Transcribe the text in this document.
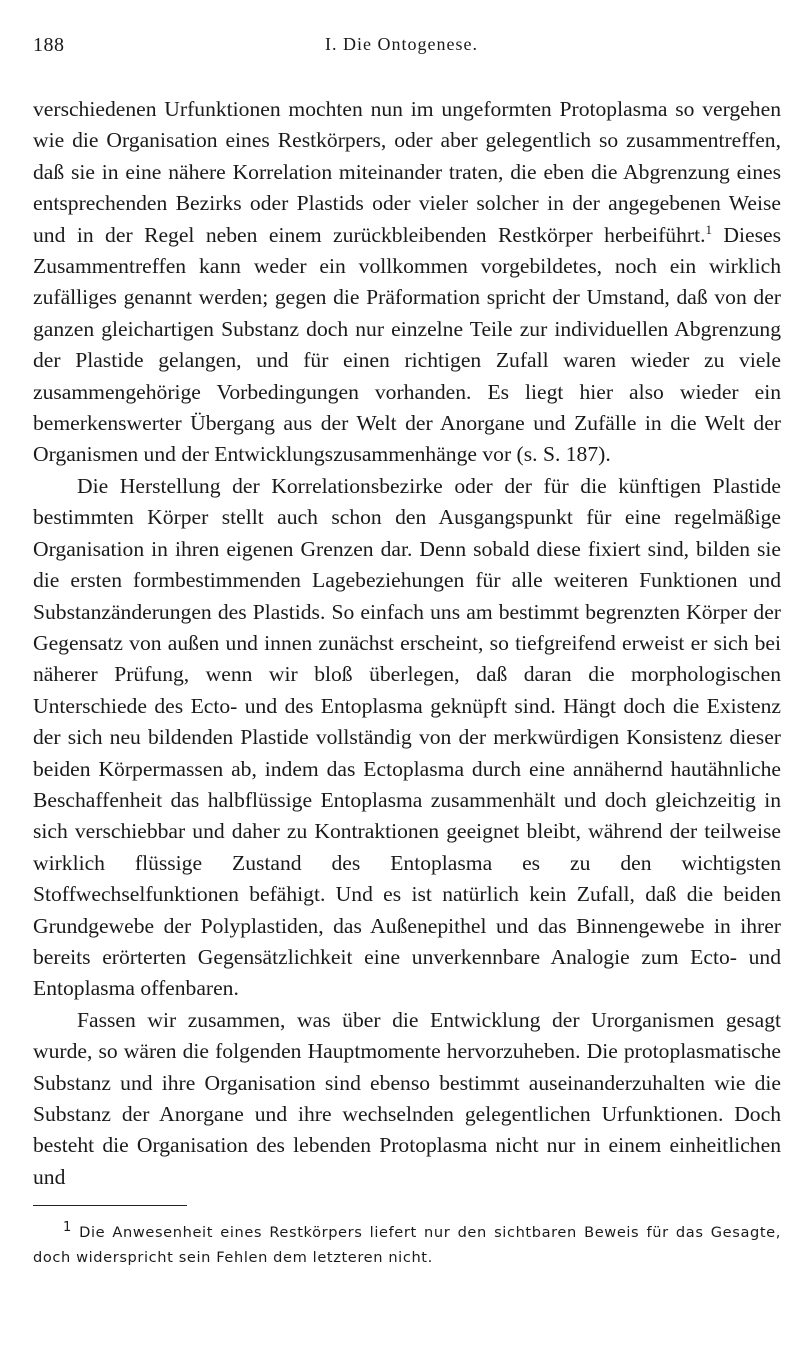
188	I. Die Ontogenese.

verschiedenen Urfunktionen mochten nun im ungeformten Protoplasma so vergehen wie die Organisation eines Restkörpers, oder aber gelegentlich so zusammentreffen, daß sie in eine nähere Korrelation miteinander traten, die eben die Abgrenzung eines entsprechenden Bezirks oder Plastids oder vieler solcher in der angegebenen Weise und in der Regel neben einem zurückbleibenden Restkörper herbeiführt.$^1$ Dieses Zusammentreffen kann weder ein vollkommen vorgebildetes, noch ein wirklich zufälliges genannt werden; gegen die Präformation spricht der Umstand, daß von der ganzen gleichartigen Substanz doch nur einzelne Teile zur individuellen Abgrenzung der Plastide gelangen, und für einen richtigen Zufall waren wieder zu viele zusammengehörige Vorbedingungen vorhanden. Es liegt hier also wieder ein bemerkenswerter Übergang aus der Welt der Anorgane und Zufälle in die Welt der Organismen und der Entwicklungszusammenhänge vor (s. S. 187).

Die Herstellung der Korrelationsbezirke oder der für die künftigen Plastide bestimmten Körper stellt auch schon den Ausgangspunkt für eine regelmäßige Organisation in ihren eigenen Grenzen dar. Denn sobald diese fixiert sind, bilden sie die ersten formbestimmenden Lagebeziehungen für alle weiteren Funktionen und Substanzänderungen des Plastids. So einfach uns am bestimmt begrenzten Körper der Gegensatz von außen und innen zunächst erscheint, so tiefgreifend erweist er sich bei näherer Prüfung, wenn wir bloß überlegen, daß daran die morphologischen Unterschiede des Ecto- und des Entoplasma geknüpft sind. Hängt doch die Existenz der sich neu bildenden Plastide vollständig von der merkwürdigen Konsistenz dieser beiden Körpermassen ab, indem das Ectoplasma durch eine annähernd hautähnliche Beschaffenheit das halbflüssige Entoplasma zusammenhält und doch gleichzeitig in sich verschiebbar und daher zu Kontraktionen geeignet bleibt, während der teilweise wirklich flüssige Zustand des Entoplasma es zu den wichtigsten Stoffwechselfunktionen befähigt. Und es ist natürlich kein Zufall, daß die beiden Grundgewebe der Polyplastiden, das Außenepithel und das Binnengewebe in ihrer bereits erörterten Gegensätzlichkeit eine unverkennbare Analogie zum Ecto- und Entoplasma offenbaren.

Fassen wir zusammen, was über die Entwicklung der Urorganismen gesagt wurde, so wären die folgenden Hauptmomente hervorzuheben. Die protoplasmatische Substanz und ihre Organisation sind ebenso bestimmt auseinanderzuhalten wie die Substanz der Anorgane und ihre wechselnden gelegentlichen Urfunktionen. Doch besteht die Organisation des lebenden Protoplasma nicht nur in einem einheitlichen und

$^1$ Die Anwesenheit eines Restkörpers liefert nur den sichtbaren Beweis für das Gesagte, doch widerspricht sein Fehlen dem letzteren nicht.
